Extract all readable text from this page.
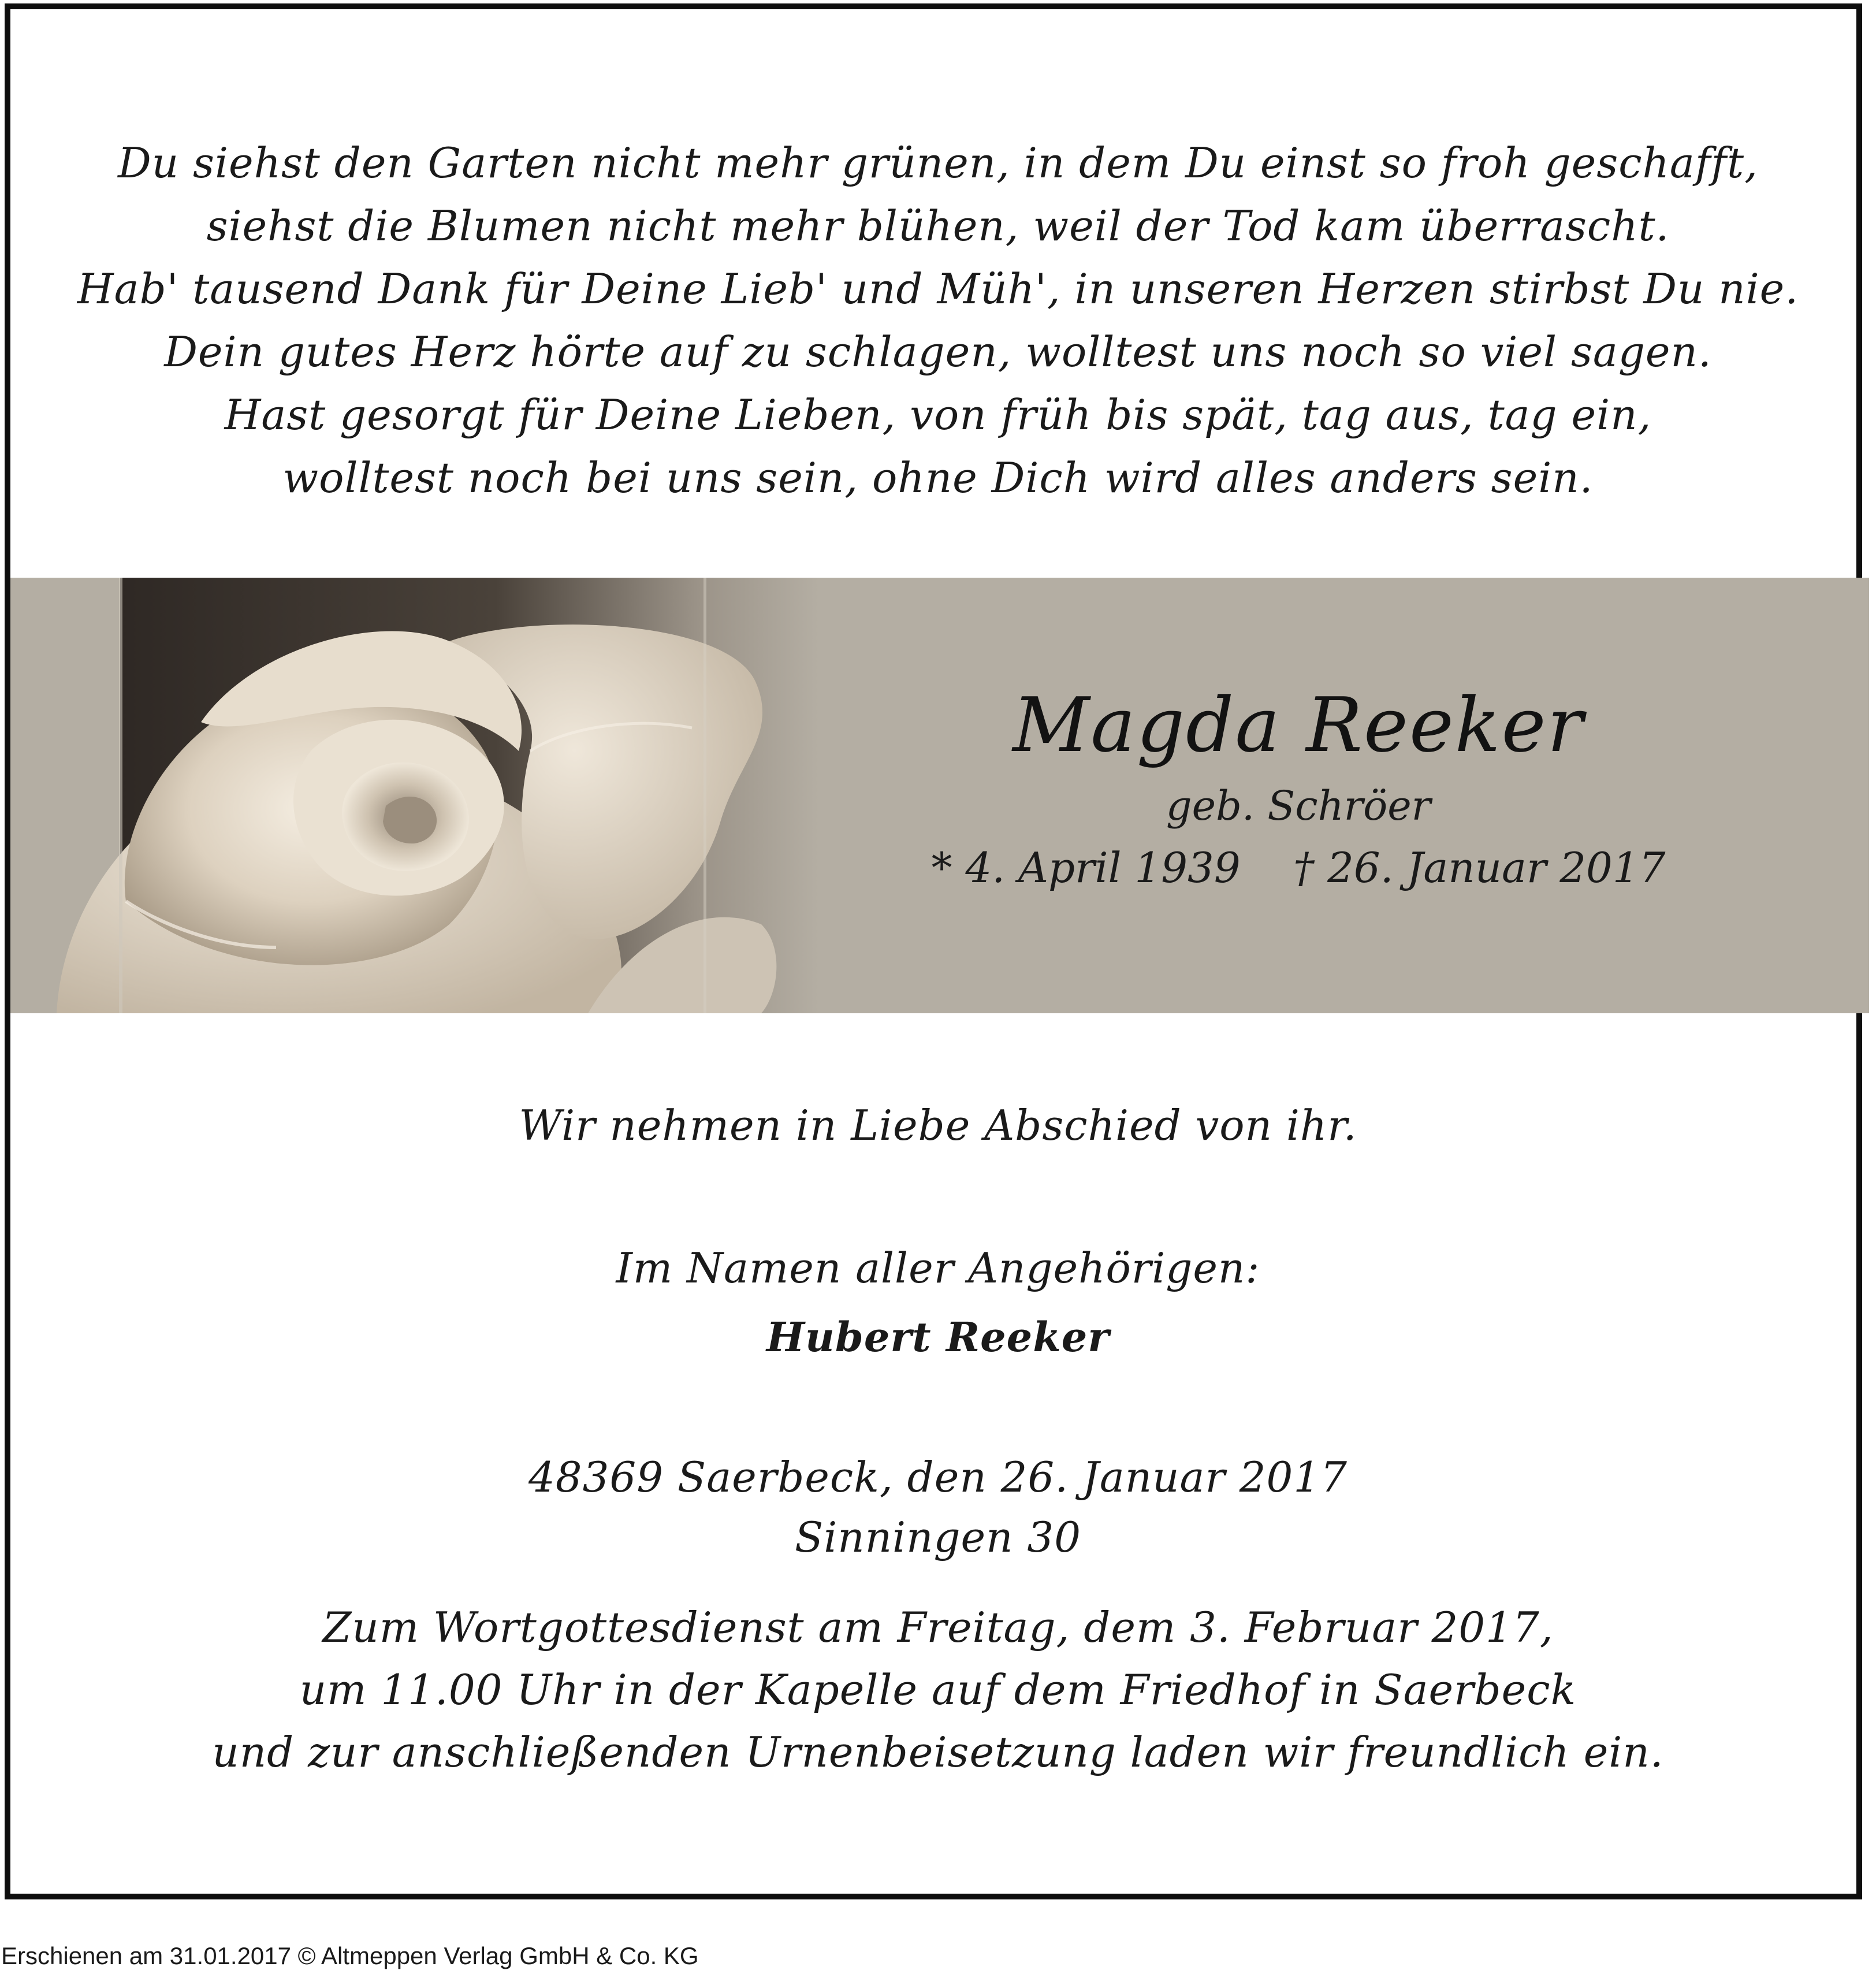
Du siehst den Garten nicht mehr grünen, in dem Du einst so froh geschafft,
siehst die Blumen nicht mehr blühen, weil der Tod kam überrascht.
Hab' tausend Dank für Deine Lieb' und Müh', in unseren Herzen stirbst Du nie.
Dein gutes Herz hörte auf zu schlagen, wolltest uns noch so viel sagen.
Hast gesorgt für Deine Lieben, von früh bis spät, tag aus, tag ein,
wolltest noch bei uns sein, ohne Dich wird alles anders sein.
Magda Reeker
geb. Schröer
* 4. April 1939    † 26. Januar 2017
Wir nehmen in Liebe Abschied von ihr.
Im Namen aller Angehörigen:
Hubert Reeker
48369 Saerbeck, den 26. Januar 2017
Sinningen 30
Zum Wortgottesdienst am Freitag, dem 3. Februar 2017,
um 11.00 Uhr in der Kapelle auf dem Friedhof in Saerbeck
und zur anschließenden Urnenbeisetzung laden wir freundlich ein.
Erschienen am 31.01.2017 © Altmeppen Verlag GmbH & Co. KG
